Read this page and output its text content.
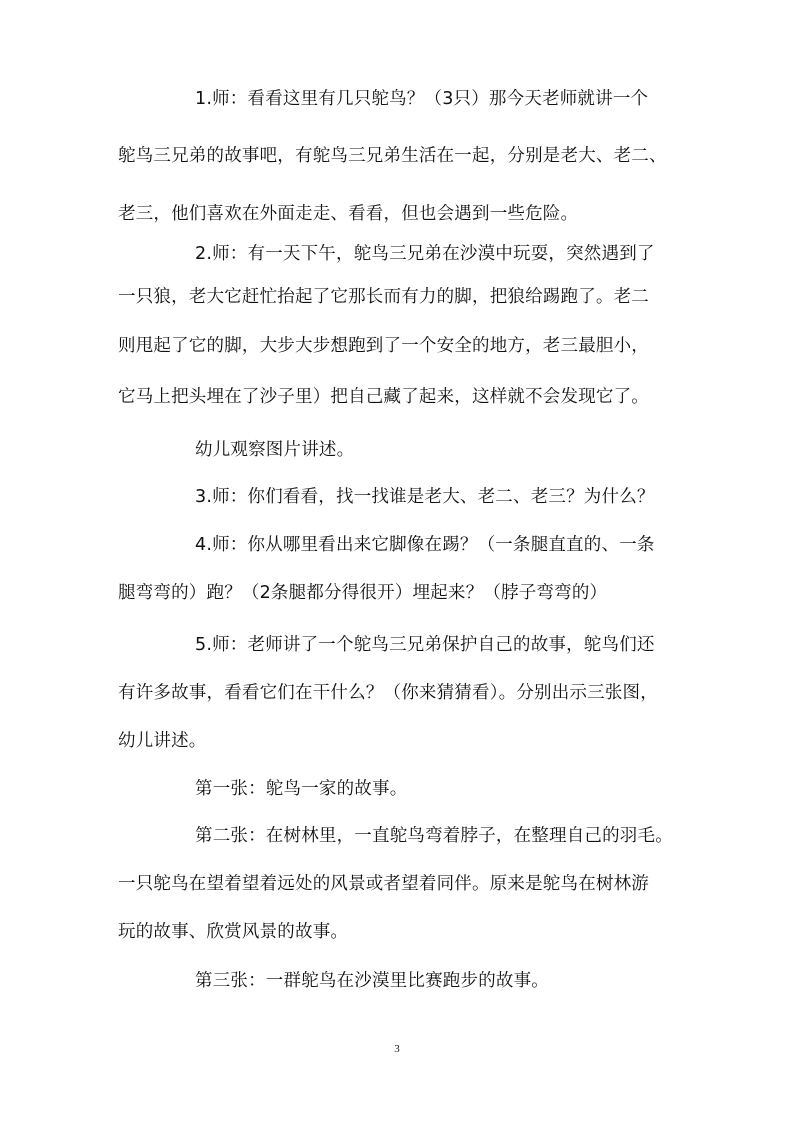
1.师：看看这里有几只鸵鸟？（3只）那今天老师就讲一个

鸵鸟三兄弟的故事吧，有鸵鸟三兄弟生活在一起，分别是老大、老二、

老三，他们喜欢在外面走走、看看，但也会遇到一些危险。

2.师：有一天下午，鸵鸟三兄弟在沙漠中玩耍，突然遇到了

一只狼，老大它赶忙抬起了它那长而有力的脚，把狼给踢跑了。老二

则甩起了它的脚，大步大步想跑到了一个安全的地方，老三最胆小，

它马上把头埋在了沙子里）把自己藏了起来，这样就不会发现它了。

幼儿观察图片讲述。

3.师：你们看看，找一找谁是老大、老二、老三？为什么？

4.师：你从哪里看出来它脚像在踢？（一条腿直直的、一条

腿弯弯的）跑？（2条腿都分得很开）埋起来？（脖子弯弯的）

5.师：老师讲了一个鸵鸟三兄弟保护自己的故事，鸵鸟们还

有许多故事，看看它们在干什么？（你来猜猜看）。分别出示三张图，

幼儿讲述。

第一张：鸵鸟一家的故事。

第二张：在树林里，一直鸵鸟弯着脖子，在整理自己的羽毛。

一只鸵鸟在望着望着远处的风景或者望着同伴。原来是鸵鸟在树林游

玩的故事、欣赏风景的故事。

第三张：一群鸵鸟在沙漠里比赛跑步的故事。

3
